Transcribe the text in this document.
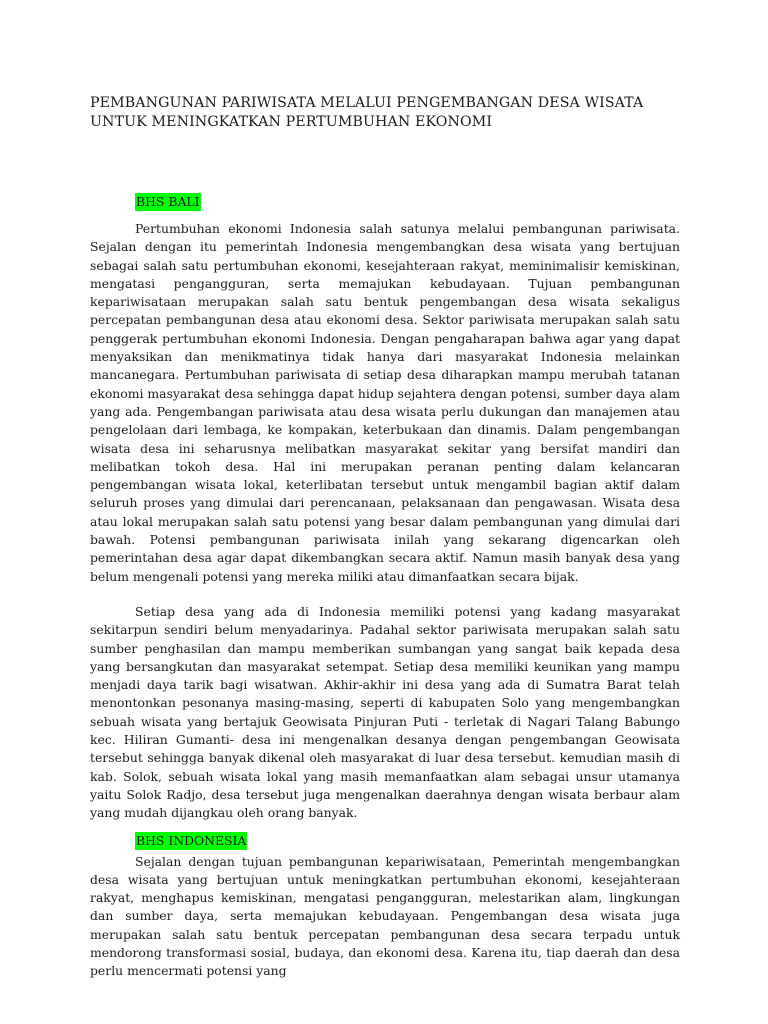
PEMBANGUNAN PARIWISATA MELALUI PENGEMBANGAN DESA WISATA UNTUK MENINGKATKAN PERTUMBUHAN EKONOMI
BHS BALI

Pertumbuhan ekonomi Indonesia salah satunya melalui pembangunan pariwisata. Sejalan dengan itu pemerintah Indonesia mengembangkan desa wisata yang bertujuan sebagai salah satu pertumbuhan ekonomi, kesejahteraan rakyat, meminimalisir kemiskinan, mengatasi pengangguran, serta memajukan kebudayaan. Tujuan pembangunan kepariwisataan merupakan salah satu bentuk pengembangan desa wisata sekaligus percepatan pembangunan desa atau ekonomi desa. Sektor pariwisata merupakan salah satu penggerak pertumbuhan ekonomi Indonesia. Dengan pengaharapan bahwa agar yang dapat menyaksikan dan menikmatinya tidak hanya dari masyarakat Indonesia melainkan mancanegara. Pertumbuhan pariwisata di setiap desa diharapkan mampu merubah tatanan ekonomi masyarakat desa sehingga dapat hidup sejahtera dengan potensi, sumber daya alam yang ada. Pengembangan pariwisata atau desa wisata perlu dukungan dan manajemen atau pengelolaan dari lembaga, ke kompakan, keterbukaan dan dinamis. Dalam pengembangan wisata desa ini seharusnya melibatkan masyarakat sekitar yang bersifat mandiri dan melibatkan tokoh desa. Hal ini merupakan peranan penting dalam kelancaran pengembangan wisata lokal, keterlibatan tersebut untuk mengambil bagian aktif dalam seluruh proses yang dimulai dari perencanaan, pelaksanaan dan pengawasan. Wisata desa atau lokal merupakan salah satu potensi yang besar dalam pembangunan yang dimulai dari bawah. Potensi pembangunan pariwisata inilah yang sekarang digencarkan oleh pemerintahan desa agar dapat dikembangkan secara aktif. Namun masih banyak desa yang belum mengenali potensi yang mereka miliki atau dimanfaatkan secara bijak.

Setiap desa yang ada di Indonesia memiliki potensi yang kadang masyarakat sekitarpun sendiri belum menyadarinya. Padahal sektor pariwisata merupakan salah satu sumber penghasilan dan mampu memberikan sumbangan yang sangat baik kepada desa yang bersangkutan dan masyarakat setempat. Setiap desa memiliki keunikan yang mampu menjadi daya tarik bagi wisatwan. Akhir-akhir ini desa yang ada di Sumatra Barat telah menontonkan pesonanya masing-masing, seperti di kabupaten Solo yang mengembangkan sebuah wisata yang bertajuk Geowisata Pinjuran Puti - terletak di Nagari Talang Babungo kec. Hiliran Gumanti- desa ini mengenalkan desanya dengan pengembangan Geowisata tersebut sehingga banyak dikenal oleh masyarakat di luar desa tersebut. kemudian masih di kab. Solok, sebuah wisata lokal yang masih memanfaatkan alam sebagai unsur utamanya yaitu Solok Radjo, desa tersebut juga mengenalkan daerahnya dengan wisata berbaur alam yang mudah dijangkau oleh orang banyak.

BHS INDONESIA

Sejalan dengan tujuan pembangunan kepariwisataan, Pemerintah mengembangkan desa wisata yang bertujuan untuk meningkatkan pertumbuhan ekonomi, kesejahteraan rakyat, menghapus kemiskinan, mengatasi pengangguran, melestarikan alam, lingkungan dan sumber daya, serta memajukan kebudayaan. Pengembangan desa wisata juga merupakan salah satu bentuk percepatan pembangunan desa secara terpadu untuk mendorong transformasi sosial, budaya, dan ekonomi desa. Karena itu, tiap daerah dan desa perlu mencermati potensi yang
